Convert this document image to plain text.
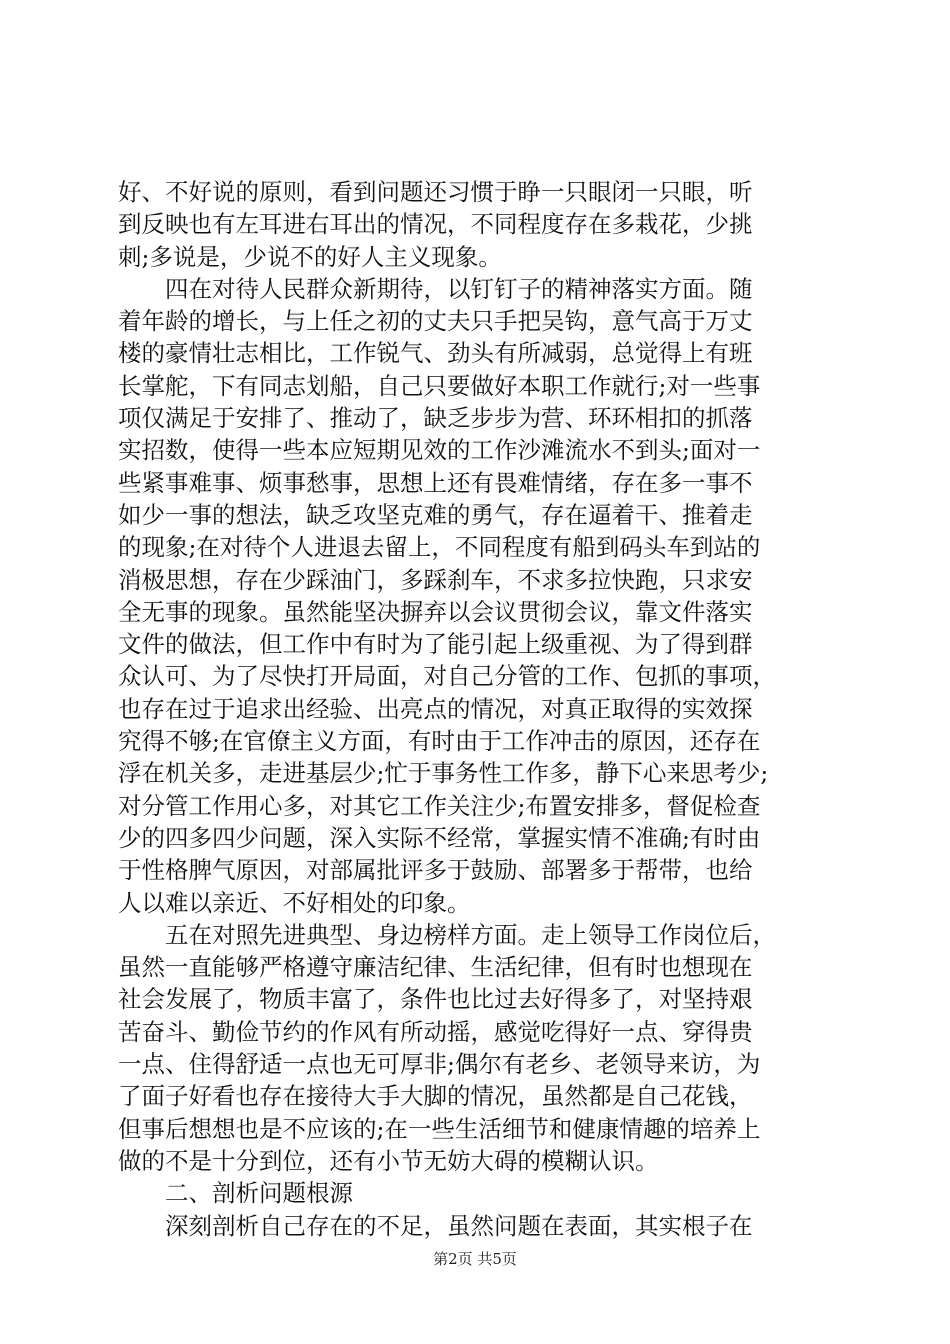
好、不好说的原则，看到问题还习惯于睁一只眼闭一只眼，听
到反映也有左耳进右耳出的情况，不同程度存在多栽花，少挑
刺;多说是，少说不的好人主义现象。
四在对待人民群众新期待，以钉钉子的精神落实方面。随
着年龄的增长，与上任之初的丈夫只手把吴钩，意气高于万丈
楼的豪情壮志相比，工作锐气、劲头有所减弱，总觉得上有班
长掌舵，下有同志划船，自己只要做好本职工作就行;对一些事
项仅满足于安排了、推动了，缺乏步步为营、环环相扣的抓落
实招数，使得一些本应短期见效的工作沙滩流水不到头;面对一
些紧事难事、烦事愁事，思想上还有畏难情绪，存在多一事不
如少一事的想法，缺乏攻坚克难的勇气，存在逼着干、推着走
的现象;在对待个人进退去留上，不同程度有船到码头车到站的
消极思想，存在少踩油门，多踩刹车，不求多拉快跑，只求安
全无事的现象。虽然能坚决摒弃以会议贯彻会议，靠文件落实
文件的做法，但工作中有时为了能引起上级重视、为了得到群
众认可、为了尽快打开局面，对自己分管的工作、包抓的事项，
也存在过于追求出经验、出亮点的情况，对真正取得的实效探
究得不够;在官僚主义方面，有时由于工作冲击的原因，还存在
浮在机关多，走进基层少;忙于事务性工作多，静下心来思考少;
对分管工作用心多，对其它工作关注少;布置安排多，督促检查
少的四多四少问题，深入实际不经常，掌握实情不准确;有时由
于性格脾气原因，对部属批评多于鼓励、部署多于帮带，也给
人以难以亲近、不好相处的印象。
五在对照先进典型、身边榜样方面。走上领导工作岗位后，
虽然一直能够严格遵守廉洁纪律、生活纪律，但有时也想现在
社会发展了，物质丰富了，条件也比过去好得多了，对坚持艰
苦奋斗、勤俭节约的作风有所动摇，感觉吃得好一点、穿得贵
一点、住得舒适一点也无可厚非;偶尔有老乡、老领导来访，为
了面子好看也存在接待大手大脚的情况，虽然都是自己花钱，
但事后想想也是不应该的;在一些生活细节和健康情趣的培养上
做的不是十分到位，还有小节无妨大碍的模糊认识。
二、剖析问题根源
深刻剖析自己存在的不足，虽然问题在表面，其实根子在
第2页 共5页
